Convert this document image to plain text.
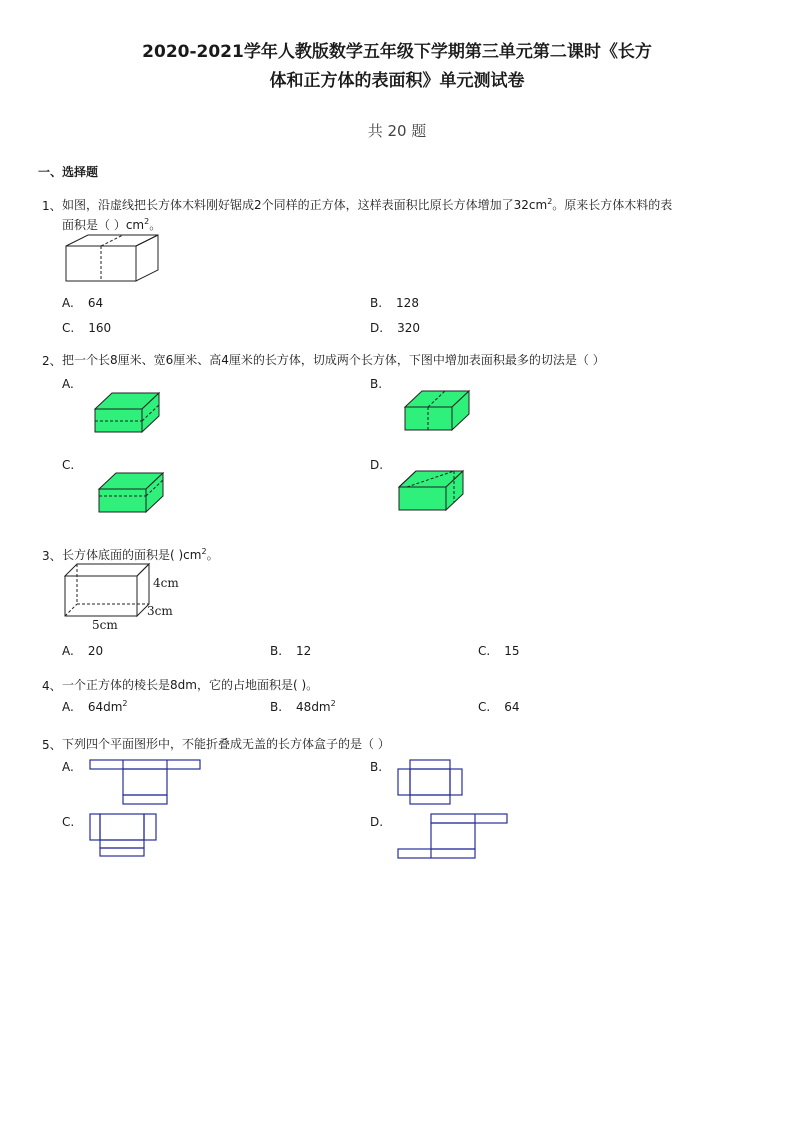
2020-2021学年人教版数学五年级下学期第三单元第二课时《长方
体和正方体的表面积》单元测试卷
共 20 题
一、选择题
1、 如图，沿虚线把长方体木料刚好锯成2个同样的正方体，这样表面积比原长方体增加了$32cm^2$。原来长方体木料的表
面积是（ ）$cm^2$。
A. 64	B. 128
C. 160	D. 320
2、 把一个长8厘米、宽6厘米、高4厘米的长方体，切成两个长方体，下图中增加表面积最多的切法是（ ）
A.	B.
C.	D.
3、 长方体底面的面积是( )$cm^2$。
4cm
3cm
5cm
A. 20	B. 12	C. 15
4、 一个正方体的棱长是8dm，它的占地面积是( )。
A. $64dm^2$	B. $48dm^2$	C. 64
5、 下列四个平面图形中，不能折叠成无盖的长方体盒子的是（ ）
A.	B.
C.	D.
